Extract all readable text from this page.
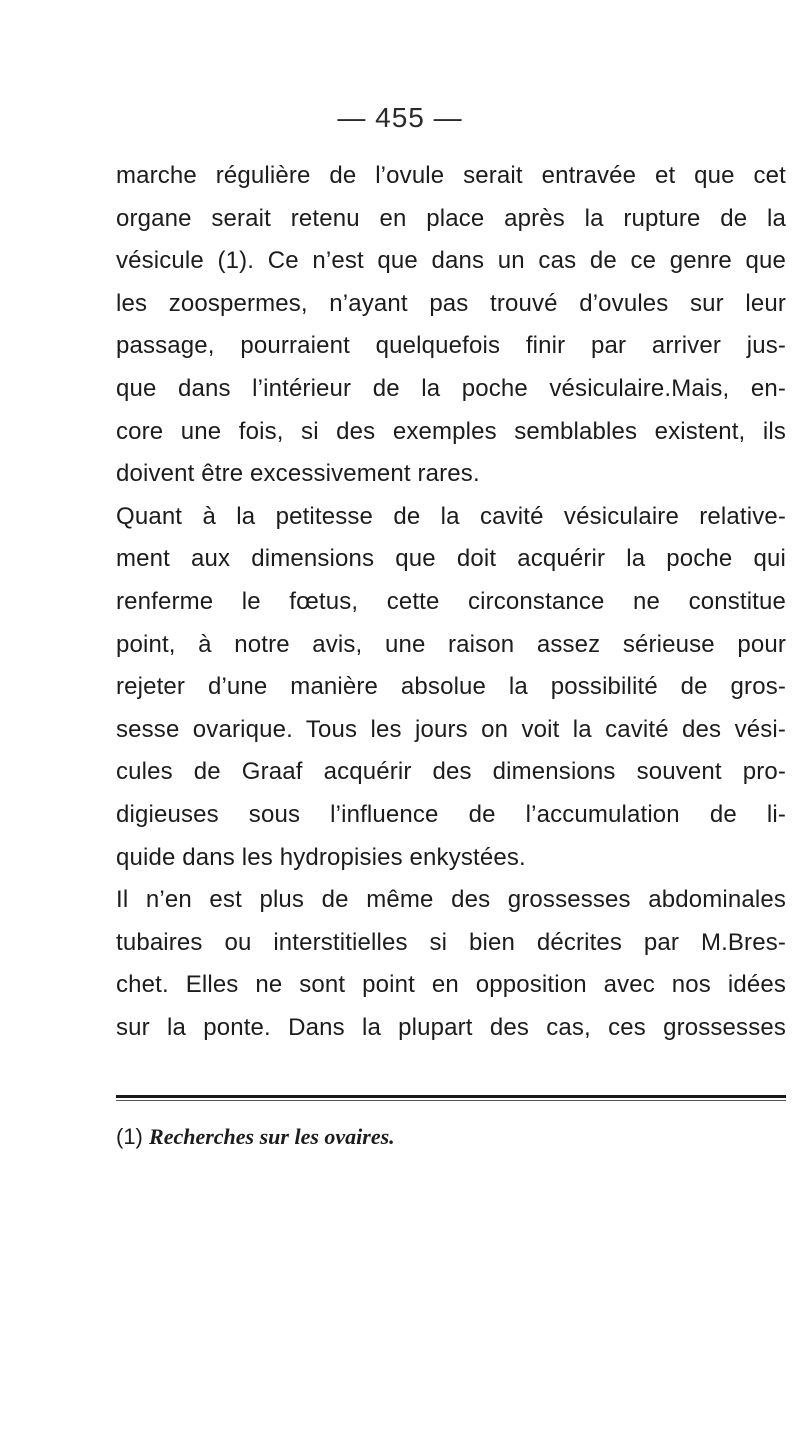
— 455 —
marche régulière de l’ovule serait entravée et que cet
organe serait retenu en place après la rupture de la
vésicule (1). Ce n’est que dans un cas de ce genre que
les zoospermes, n’ayant pas trouvé d’ovules sur leur
passage, pourraient quelquefois finir par arriver jus-
que dans l’intérieur de la poche vésiculaire.Mais, en-
core une fois, si des exemples semblables existent, ils
doivent être excessivement rares.
Quant à la petitesse de la cavité vésiculaire relative-
ment aux dimensions que doit acquérir la poche qui
renferme le fœtus, cette circonstance ne constitue
point, à notre avis, une raison assez sérieuse pour
rejeter d’une manière absolue la possibilité de gros-
sesse ovarique. Tous les jours on voit la cavité des vési-
cules de Graaf acquérir des dimensions souvent pro-
digieuses sous l’influence de l’accumulation de li-
quide dans les hydropisies enkystées.
Il n’en est plus de même des grossesses abdominales
tubaires ou interstitielles si bien décrites par M.Bres-
chet. Elles ne sont point en opposition avec nos idées
sur la ponte. Dans la plupart des cas, ces grossesses
(1) Recherches sur les ovaires.
